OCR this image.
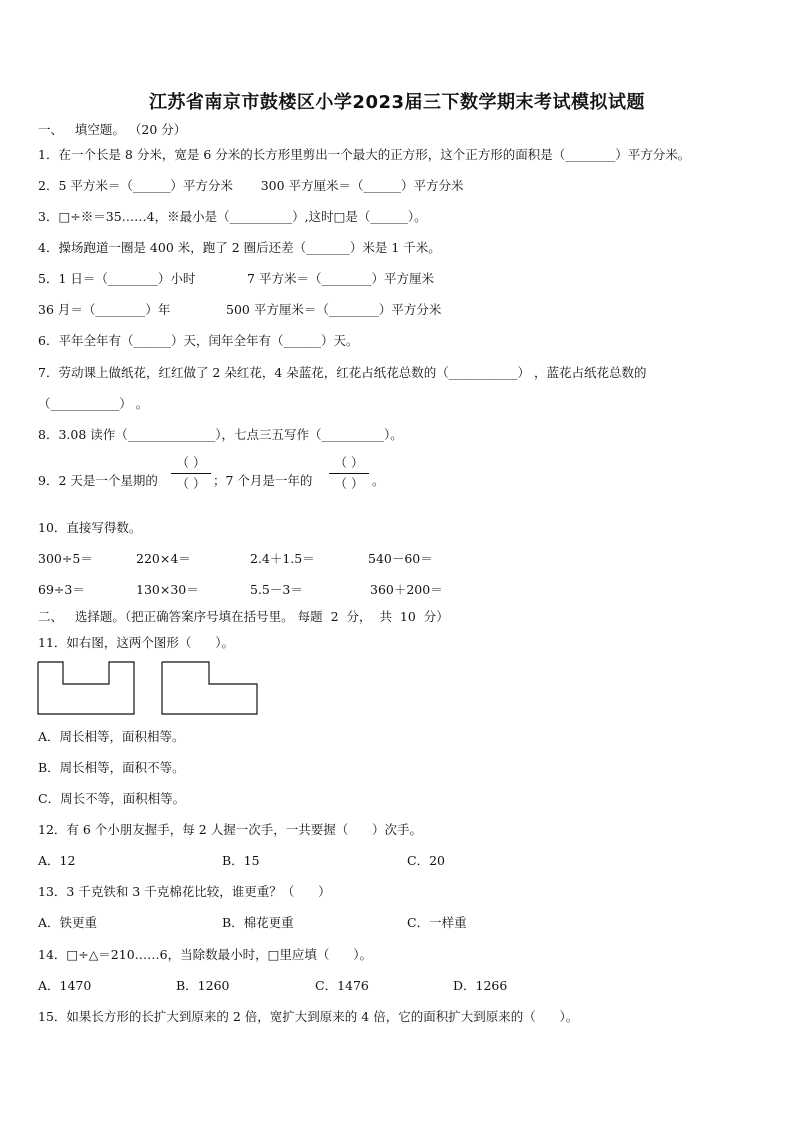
江苏省南京市鼓楼区小学2023届三下数学期末考试模拟试题
一、   填空题。 （20 分）
1．在一个长是 8 分米，宽是 6 分米的长方形里剪出一个最大的正方形，这个正方形的面积是（________）平方分米。
2．5 平方米＝（______）平方分米       300 平方厘米＝（______）平方分米
3．□÷※＝35……4，※最小是（__________）,这时□是（______）。
4．操场跑道一圈是 400 米，跑了 2 圈后还差（_______）米是 1 千米。
5．1 日＝（________）小时             7 平方米＝（________）平方厘米
36 月＝（________）年              500 平方厘米＝（________）平方分米
6．平年全年有（______）天，闰年全年有（______）天。
7．劳动课上做纸花，红红做了 2 朵红花，4 朵蓝花，红花占纸花总数的（___________） ，蓝花占纸花总数的
（___________） 。
8．3.08 读作（______________），七点三五写作（__________）。
9．2 天是一个星期的
（ ）
（ ） ；7 个月是一年的
（ ）
（ ） 。
10．直接写得数。
300÷5＝	220×4＝	2.4＋1.5＝	540－60＝
69÷3＝	130×30＝	5.5－3＝	360＋200＝
二、   选择题。（把正确答案序号填在括号里。 每题  2  分，  共  10  分）
11．如右图，这两个图形（      ）。
A．周长相等，面积相等。
B．周长相等，面积不等。
C．周长不等，面积相等。
12．有 6 个小朋友握手，每 2 人握一次手，一共要握（      ）次手。
A．12	B．15	C．20
13．3 千克铁和 3 千克棉花比较，谁更重？（      ）
A．铁更重	B．棉花更重	C．一样重
14．□÷△＝210……6，当除数最小时，□里应填（      ）。
A．1470	B．1260	C．1476	D．1266
15．如果长方形的长扩大到原来的 2 倍，宽扩大到原来的 4 倍，它的面积扩大到原来的（      ）。
